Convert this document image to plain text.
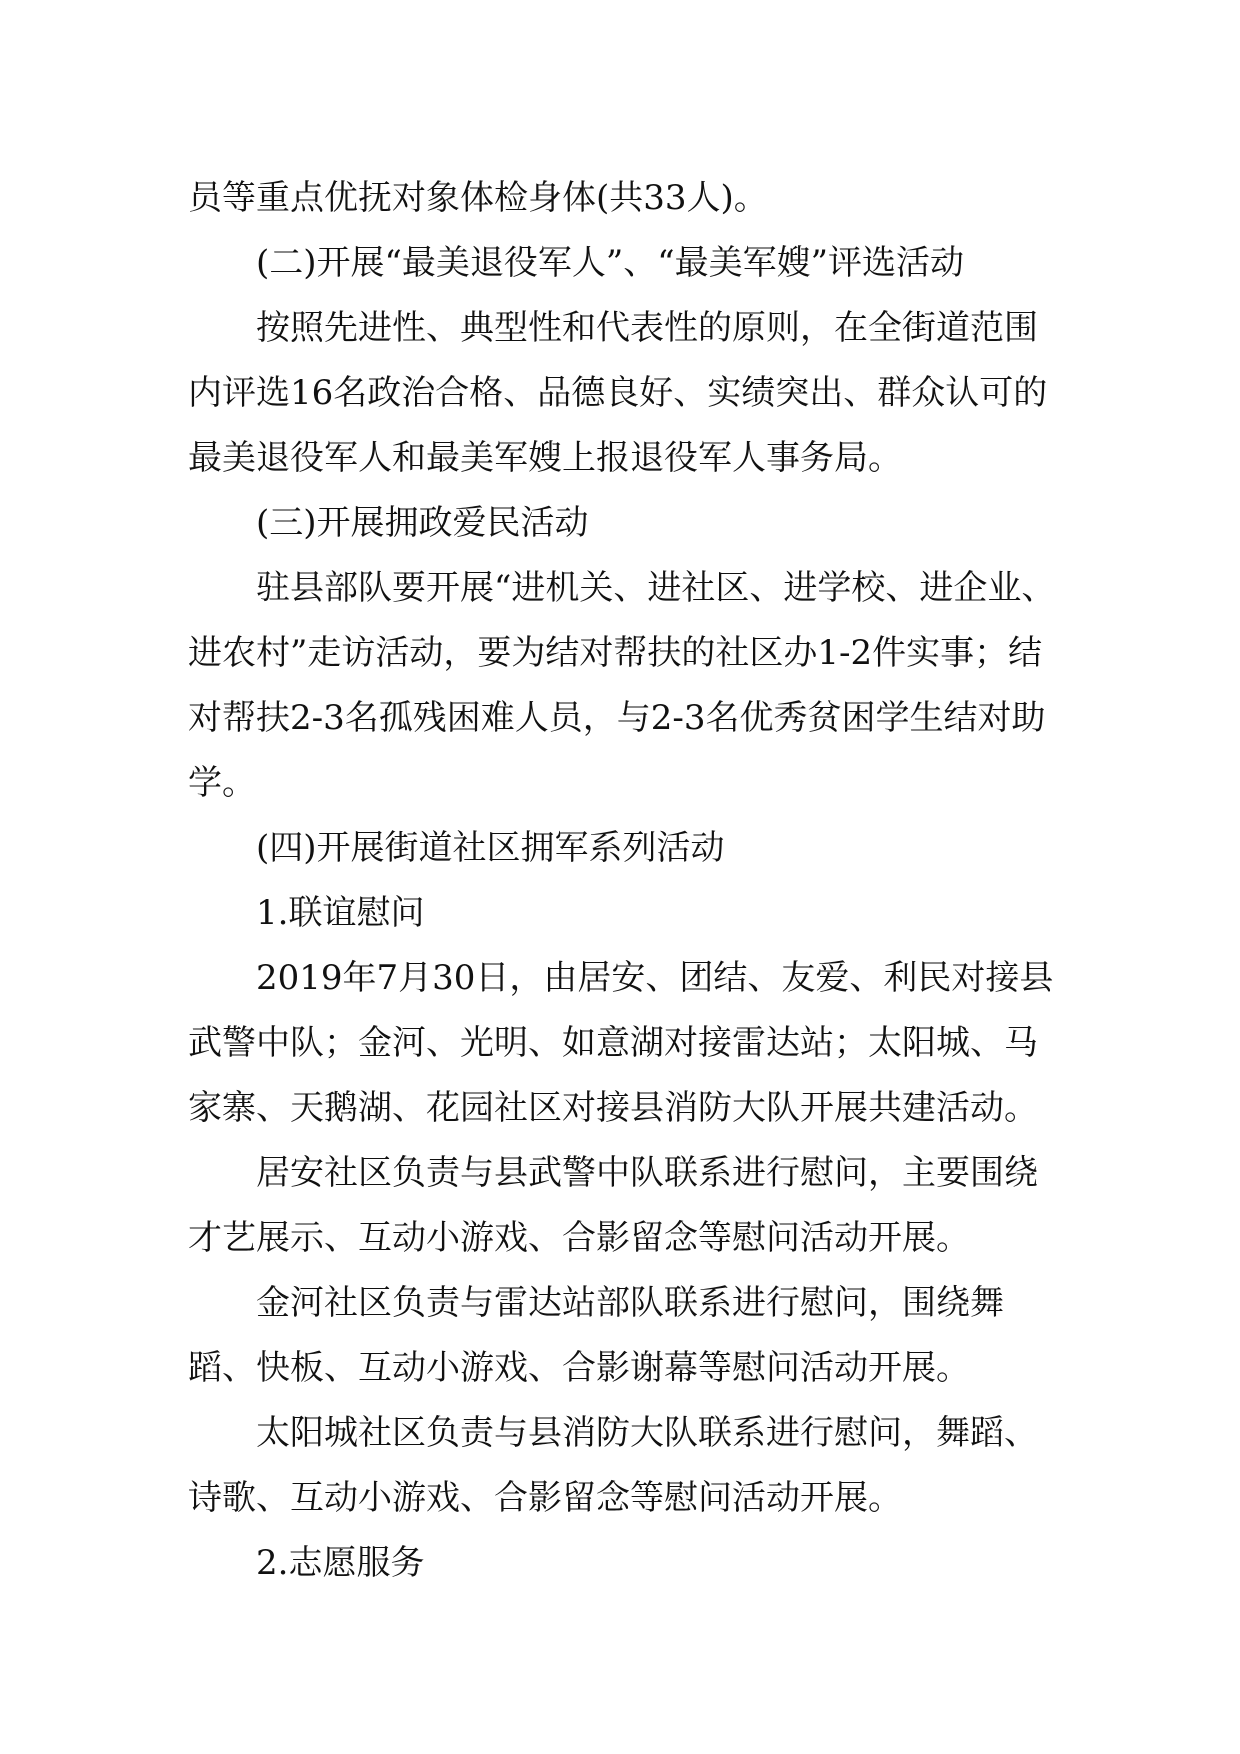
员等重点优抚对象体检身体(共33人)。

(二)开展“最美退役军人”、“最美军嫂”评选活动

按照先进性、典型性和代表性的原则，在全街道范围内评选16名政治合格、品德良好、实绩突出、群众认可的最美退役军人和最美军嫂上报退役军人事务局。

(三)开展拥政爱民活动

驻县部队要开展“进机关、进社区、进学校、进企业、进农村”走访活动，要为结对帮扶的社区办1-2件实事；结对帮扶2-3名孤残困难人员，与2-3名优秀贫困学生结对助学。

(四)开展街道社区拥军系列活动

1.联谊慰问

2019年7月30日，由居安、团结、友爱、利民对接县武警中队；金河、光明、如意湖对接雷达站；太阳城、马家寨、天鹅湖、花园社区对接县消防大队开展共建活动。

居安社区负责与县武警中队联系进行慰问，主要围绕才艺展示、互动小游戏、合影留念等慰问活动开展。

金河社区负责与雷达站部队联系进行慰问，围绕舞蹈、快板、互动小游戏、合影谢幕等慰问活动开展。

太阳城社区负责与县消防大队联系进行慰问，舞蹈、诗歌、互动小游戏、合影留念等慰问活动开展。

2.志愿服务
